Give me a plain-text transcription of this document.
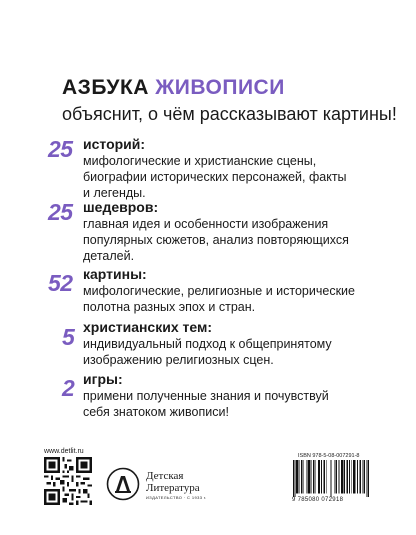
АЗБУКА ЖИВОПИСИ
объяснит, о чём рассказывают картины!
25 историй:
мифологические и христианские сцены,
биографии исторических персонажей, факты
и легенды.
25 шедевров:
главная идея и особенности изображения
популярных сюжетов, анализ повторяющихся
деталей.
52 картины:
мифологические, религиозные и исторические
полотна разных эпох и стран.
5 христианских тем:
индивидуальный подход к общепринятому
изображению религиозных сцен.
2 игры:
примени полученные знания и почувствуй
себя знатоком живописи!
www.detlit.ru
Детская
Литература
ИЗДАТЕЛЬСТВО · С 1933 г.
ISBN 978-5-08-007291-8
9 785080 072918
